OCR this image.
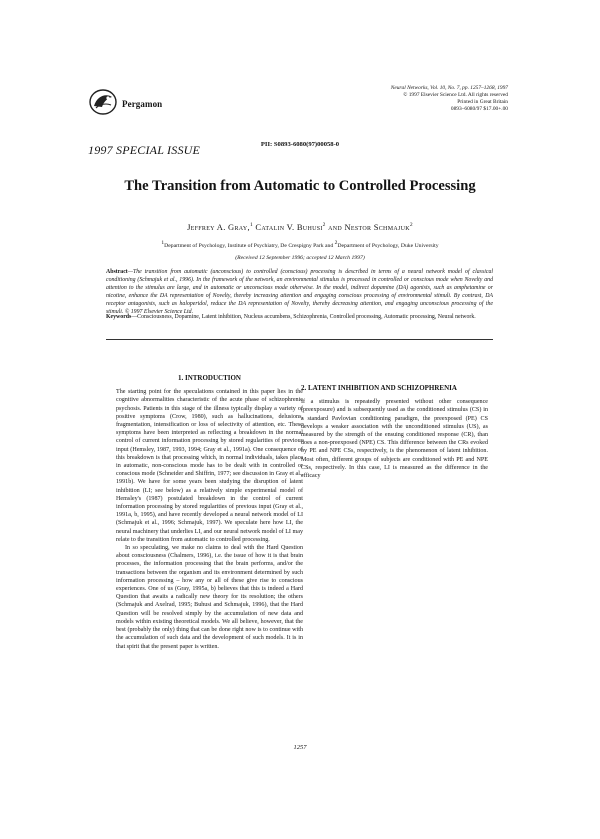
Pergamon
Neural Networks, Vol. 10, No. 7, pp. 1257–1268, 1997
© 1997 Elsevier Science Ltd. All rights reserved
Printed in Great Britain
0893–6080/97 $17.00+.00
PII: S0893-6080(97)00058-0
1997 SPECIAL ISSUE
The Transition from Automatic to Controlled Processing
Jeffrey A. Gray,$^1$ Catalin V. Buhusi$^2$ and Nestor Schmajuk$^2$
$^1$Department of Psychology, Institute of Psychiatry, De Crespigny Park and $^2$Department of Psychology, Duke University
(Received 12 September 1996; accepted 12 March 1997)
Abstract—The transition from automatic (unconscious) to controlled (conscious) processing is described in terms of a neural network model of classical conditioning (Schmajuk et al., 1996). In the framework of the network, an environmental stimulus is processed in controlled or conscious mode when Novelty and attention to the stimulus are large, and in automatic or unconscious mode otherwise. In the model, indirect dopamine (DA) agonists, such as amphetamine or nicotine, enhance the DA representation of Novelty, thereby increasing attention and engaging conscious processing of environmental stimuli. By contrast, DA receptor antagonists, such as haloperidol, reduce the DA representation of Novelty, thereby decreasing attention, and engaging unconscious processing of the stimuli. © 1997 Elsevier Science Ltd.
Keywords—Consciousness, Dopamine, Latent inhibition, Nucleus accumbens, Schizophrenia, Controlled processing, Automatic processing, Neural network.
1. INTRODUCTION

The starting point for the speculations contained in this paper lies in the cognitive abnormalities characteristic of the acute phase of schizophrenic psychosis. Patients in this stage of the illness typically display a variety of positive symptoms (Crow, 1980), such as hallucinations, delusions, fragmentation, intensification or loss of selectivity of attention, etc. These symptoms have been interpreted as reflecting a breakdown in the normal control of current information processing by stored regularities of previous input (Hemsley, 1987, 1993, 1994; Gray et al., 1991a). One consequence of this breakdown is that processing which, in normal individuals, takes place in automatic, non-conscious mode has to be dealt with in controlled or conscious mode (Schneider and Shiffrin, 1977; see discussion in Gray et al., 1991b). We have for some years been studying the disruption of latent inhibition (LI; see below) as a relatively simple experimental model of Hemsley's (1987) postulated breakdown in the control of current information processing by stored regularities of previous input (Gray et al., 1991a, b, 1995), and have recently developed a neural network model of LI (Schmajuk et al., 1996; Schmajuk, 1997). We speculate here how LI, the neural machinery that underlies LI, and our neural network model of LI may relate to the transition from automatic to controlled processing.

In so speculating, we make no claims to deal with the Hard Question about consciousness (Chalmers, 1996), i.e. the issue of how it is that brain processes, the information processing that the brain performs, and/or the transactions between the organism and its environment determined by such information processing – how any or all of these give rise to conscious experiences. One of us (Gray, 1995a, b) believes that this is indeed a Hard Question that awaits a radically new theory for its resolution; the others (Schmajuk and Axelrad, 1995; Buhusi and Schmajuk, 1996), that the Hard Question will be resolved simply by the accumulation of new data and models within existing theoretical models. We all believe, however, that the best (probably the only) thing that can be done right now is to continue with the accumulation of such data and the development of such models. It is in that spirit that the present paper is written.

2. LATENT INHIBITION AND SCHIZOPHRENIA

If a stimulus is repeatedly presented without other consequence (preexposure) and is subsequently used as the conditioned stimulus (CS) in a standard Pavlovian conditioning paradigm, the preexposed (PE) CS develops a weaker association with the unconditioned stimulus (US), as measured by the strength of the ensuing conditioned response (CR), than does a non-preexposed (NPE) CS. This difference between the CRs evoked by PE and NPE CSs, respectively, is the phenomenon of latent inhibition. Most often, different groups of subjects are conditioned with PE and NPE CSs, respectively. In this case, LI is measured as the difference in the efficacy

1257
